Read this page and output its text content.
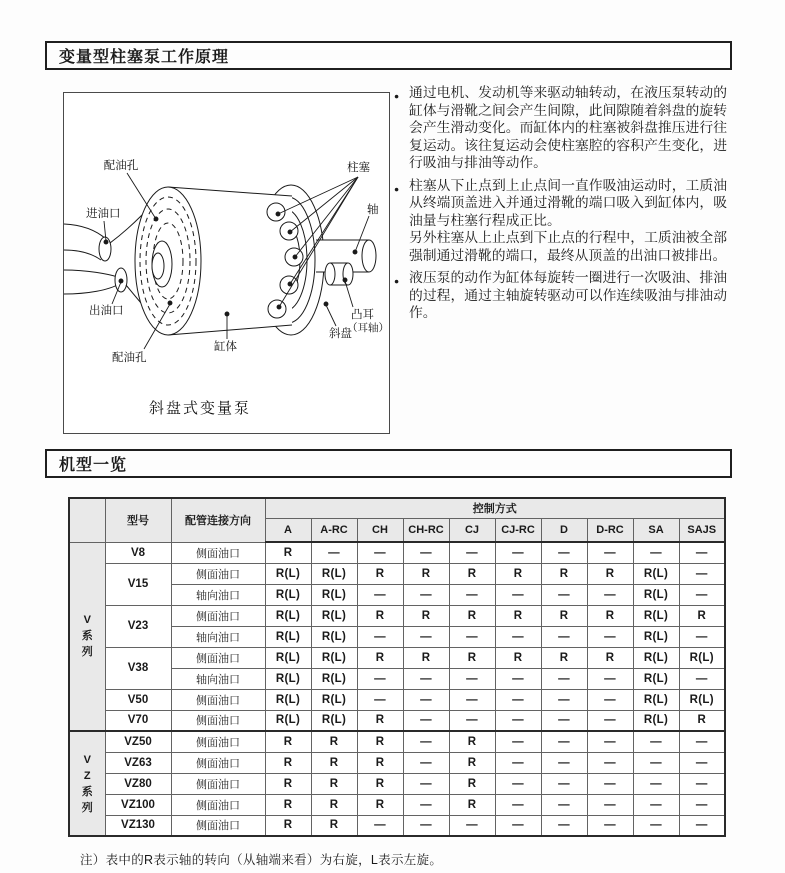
变量型柱塞泵工作原理
配油孔
进油口
出油口
配油孔
缸体
柱塞
轴
斜盘
凸耳
（耳轴）
斜盘式变量泵
● 通过电机、发动机等来驱动轴转动，在液压泵转动的缸体与滑靴之间会产生间隙，此间隙随着斜盘的旋转会产生滑动变化。而缸体内的柱塞被斜盘推压进行往复运动。该往复运动会使柱塞腔的容积产生变化，进行吸油与排油等动作。
● 柱塞从下止点到上止点间一直作吸油运动时，工质油从终端顶盖进入并通过滑靴的端口吸入到缸体内，吸油量与柱塞行程成正比。
另外柱塞从上止点到下止点的行程中，工质油被全部强制通过滑靴的端口，最终从顶盖的出油口被排出。
● 液压泵的动作为缸体每旋转一圈进行一次吸油、排油的过程，通过主轴旋转驱动可以作连续吸油与排油动作。
机型一览
	型号	配管连接方向	控制方式									
			A	A-RC	CH	CH-RC	CJ	CJ-RC	D	D-RC	SA	SAJS

V
系
列	V8	侧面油口	R	—	—	—	—	—	—	—	—	—
	V15	侧面油口	R(L)	R(L)	R	R	R	R	R	R	R(L)	—
		轴向油口	R(L)	R(L)	—	—	—	—	—	—	R(L)	—
	V23	侧面油口	R(L)	R(L)	R	R	R	R	R	R	R(L)	R
		轴向油口	R(L)	R(L)	—	—	—	—	—	—	R(L)	—
	V38	侧面油口	R(L)	R(L)	R	R	R	R	R	R	R(L)	R(L)
		轴向油口	R(L)	R(L)	—	—	—	—	—	—	R(L)	—
	V50	侧面油口	R(L)	R(L)	—	—	—	—	—	—	R(L)	R(L)
	V70	侧面油口	R(L)	R(L)	R	—	—	—	—	—	R(L)	R

V
Z
系
列	VZ50	侧面油口	R	R	R	—	R	—	—	—	—	—
	VZ63	侧面油口	R	R	R	—	R	—	—	—	—	—
	VZ80	侧面油口	R	R	R	—	R	—	—	—	—	—
	VZ100	侧面油口	R	R	R	—	R	—	—	—	—	—
	VZ130	侧面油口	R	R	—	—	—	—	—	—	—	—
注）表中的R表示轴的转向（从轴端来看）为右旋，L表示左旋。
